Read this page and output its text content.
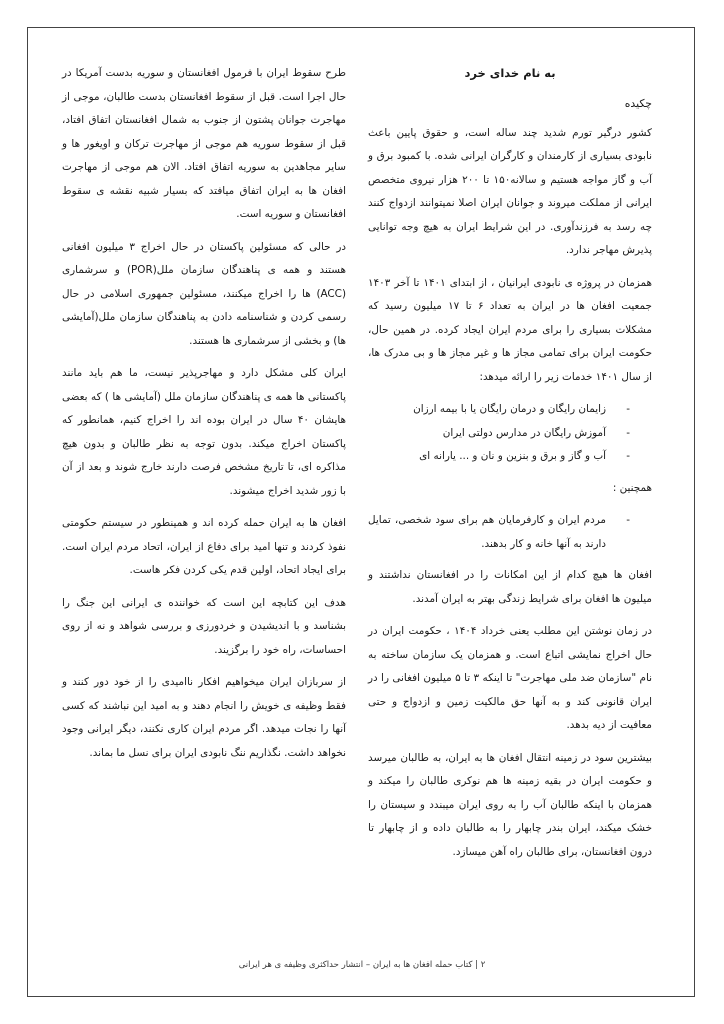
به نام خدای خرد
چکیده

کشور درگیر تورم شدید چند ساله است، و حقوق پایین باعث نابودی بسیاری از کارمندان و کارگران ایرانی شده. با کمبود برق و آب و گاز مواجه هستیم و سالانه۱۵۰ تا ۲۰۰ هزار نیروی متخصص ایرانی از مملکت میروند و جوانان ایران اصلا نمیتوانند ازدواج کنند چه رسد به فرزندآوری. در این شرایط ایران به هیچ وجه توانایی پذیرش مهاجر ندارد.

همزمان در پروژه ی نابودی ایرانیان ، از ابتدای ۱۴۰۱ تا آخر ۱۴۰۳ جمعیت افغان ها در ایران به تعداد ۶ تا ۱۷ میلیون رسید که مشکلات بسیاری را برای مردم ایران ایجاد کرده. در همین حال، حکومت ایران برای تمامی مجاز ها و غیر مجاز ها و بی مدرک ها، از سال ۱۴۰۱ خدمات زیر را ارائه میدهد:

- زایمان رایگان و درمان رایگان یا با بیمه ارزان
- آموزش رایگان در مدارس دولتی ایران
- آب و گاز و برق و بنزین و نان و ... یارانه ای

همچنین :

- مردم ایران و کارفرمایان هم برای سود شخصی، تمایل دارند به آنها خانه و کار بدهند.

افغان ها هیچ کدام از این امکانات را در افغانستان نداشتند و میلیون ها افغان برای شرایط زندگی بهتر به ایران آمدند.

در زمان نوشتن این مطلب یعنی خرداد ۱۴۰۴ ، حکومت ایران در حال اخراج نمایشی اتباع است. و همزمان یک سازمان ساخته به نام "سازمان ضد ملی مهاجرت" تا اینکه ۳ تا ۵ میلیون افغانی را در ایران قانونی کند و به آنها حق مالکیت زمین و ازدواج و حتی معافیت از دیه بدهد.

بیشترین سود در زمینه انتقال افغان ها به ایران، به طالبان میرسد و حکومت ایران در بقیه زمینه ها هم نوکری طالبان را میکند و همزمان با اینکه طالبان آب را به روی ایران میبندد و سیستان را خشک میکند، ایران بندر چابهار را به طالبان داده و از چابهار تا درون افغانستان، برای طالبان راه آهن میسازد.

طرح سقوط ایران با فرمول افغانستان و سوریه بدست آمریکا در حال اجرا است. قبل از سقوط افغانستان بدست طالبان، موجی از مهاجرت جوانان پشتون از جنوب به شمال افغانستان اتفاق افتاد، قبل از سقوط سوریه هم موجی از مهاجرت ترکان و اویغور ها و سایر مجاهدین به سوریه اتفاق افتاد. الان هم موجی از مهاجرت افغان ها به ایران اتفاق میافتد که بسیار شبیه نقشه ی سقوط افغانستان و سوریه است.

در حالی که مسئولین پاکستان در حال اخراج ۳ میلیون افغانی هستند و همه ی پناهندگان سازمان ملل(POR) و سرشماری (ACC) ها را اخراج میکنند، مسئولین جمهوری اسلامی در حال رسمی کردن و شناسنامه دادن به پناهندگان سازمان ملل(آمایشی ها) و بخشی از سرشماری ها هستند.

ایران کلی مشکل دارد و مهاجرپذیر نیست، ما هم باید مانند پاکستانی ها همه ی پناهندگان سازمان ملل (آمایشی ها ) که بعضی هایشان ۴۰ سال در ایران بوده اند را اخراج کنیم، همانطور که پاکستان اخراج میکند. بدون توجه به نظر طالبان و بدون هیچ مذاکره ای، تا تاریخ مشخص فرصت دارند خارج شوند و بعد از آن با زور شدید اخراج میشوند.

افغان ها به ایران حمله کرده اند و همینطور در سیستم حکومتی نفوذ کردند و تنها امید برای دفاع از ایران، اتحاد مردم ایران است. برای ایجاد اتحاد، اولین قدم یکی کردن فکر هاست.

هدف این کتابچه این است که خواننده ی ایرانی این جنگ را بشناسد و با اندیشیدن و خردورزی و بررسی شواهد و نه از روی احساسات، راه خود را برگزیند.

از سربازان ایران میخواهیم افکار ناامیدی را از خود دور کنند و فقط وظیفه ی خویش را انجام دهند و به امید این نباشند که کسی آنها را نجات میدهد. اگر مردم ایران کاری نکنند، دیگر ایرانی وجود نخواهد داشت. نگذاریم ننگ نابودی ایران برای نسل ما بماند.

۲ | کتاب حمله افغان ها به ایران – انتشار حداکثری وظیفه ی هر ایرانی
